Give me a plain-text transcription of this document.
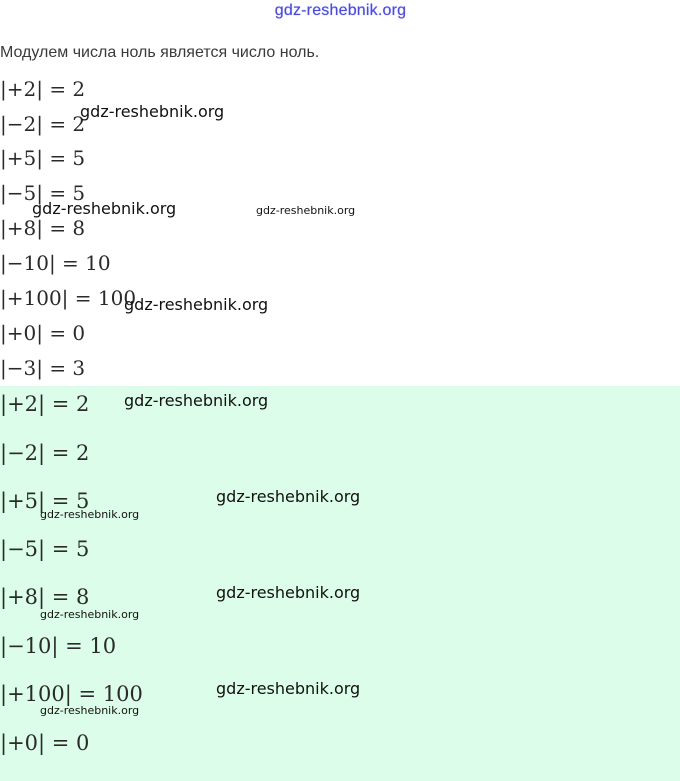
gdz-reshebnik.org
Модулем числа ноль является число ноль.
|+2| = 2
|−2| = 2
|+5| = 5
|−5| = 5
|+8| = 8
|−10| = 10
|+100| = 100
|+0| = 0
|−3| = 3
|+2| = 2
|−2| = 2
|+5| = 5
|−5| = 5
|+8| = 8
|−10| = 10
|+100| = 100
|+0| = 0
gdz-reshebnik.org
gdz-reshebnik.org	gdz-reshebnik.org
gdz-reshebnik.org
gdz-reshebnik.org
gdz-reshebnik.org
gdz-reshebnik.org
gdz-reshebnik.org
gdz-reshebnik.org
gdz-reshebnik.org
gdz-reshebnik.org
